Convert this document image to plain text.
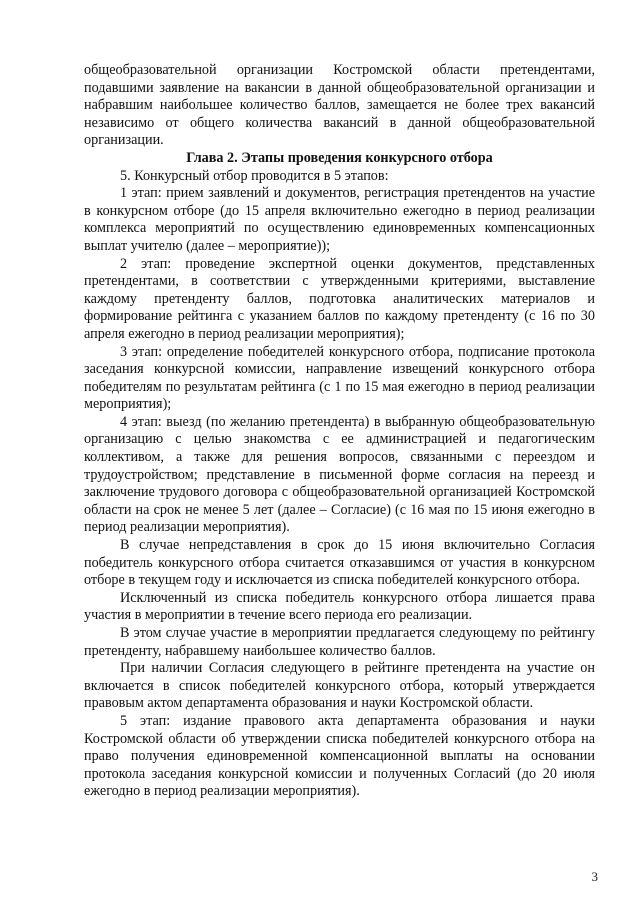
общеобразовательной организации Костромской области претендентами, подавшими заявление на вакансии в данной общеобразовательной организации и набравшим наибольшее количество баллов, замещается не более трех вакансий независимо от общего количества вакансий в данной общеобразовательной организации.

Глава 2. Этапы проведения конкурсного отбора

5. Конкурсный отбор проводится в 5 этапов:

1 этап: прием заявлений и документов, регистрация претендентов на участие в конкурсном отборе (до 15 апреля включительно ежегодно в период реализации комплекса мероприятий по осуществлению единовременных компенсационных выплат учителю (далее – мероприятие));

2 этап: проведение экспертной оценки документов, представленных претендентами, в соответствии с утвержденными критериями, выставление каждому претенденту баллов, подготовка аналитических материалов и формирование рейтинга с указанием баллов по каждому претенденту (с 16 по 30 апреля ежегодно в период реализации мероприятия);

3 этап: определение победителей конкурсного отбора, подписание протокола заседания конкурсной комиссии, направление извещений конкурсного отбора победителям по результатам рейтинга (с 1 по 15 мая ежегодно в период реализации мероприятия);

4 этап: выезд (по желанию претендента) в выбранную общеобразовательную организацию с целью знакомства с ее администрацией и педагогическим коллективом, а также для решения вопросов, связанными с переездом и трудоустройством; представление в письменной форме согласия на переезд и заключение трудового договора с общеобразовательной организацией Костромской области на срок не менее 5 лет (далее – Согласие) (с 16 мая по 15 июня ежегодно в период реализации мероприятия).

В случае непредставления в срок до 15 июня включительно Согласия победитель конкурсного отбора считается отказавшимся от участия в конкурсном отборе в текущем году и исключается из списка победителей конкурсного отбора.

Исключенный из списка победитель конкурсного отбора лишается права участия в мероприятии в течение всего периода его реализации.

В этом случае участие в мероприятии предлагается следующему по рейтингу претенденту, набравшему наибольшее количество баллов.

При наличии Согласия следующего в рейтинге претендента на участие он включается в список победителей конкурсного отбора, который утверждается правовым актом департамента образования и науки Костромской области.

5 этап: издание правового акта департамента образования и науки Костромской области об утверждении списка победителей конкурсного отбора на право получения единовременной компенсационной выплаты на основании протокола заседания конкурсной комиссии и полученных Согласий (до 20 июля ежегодно в период реализации мероприятия).

3
